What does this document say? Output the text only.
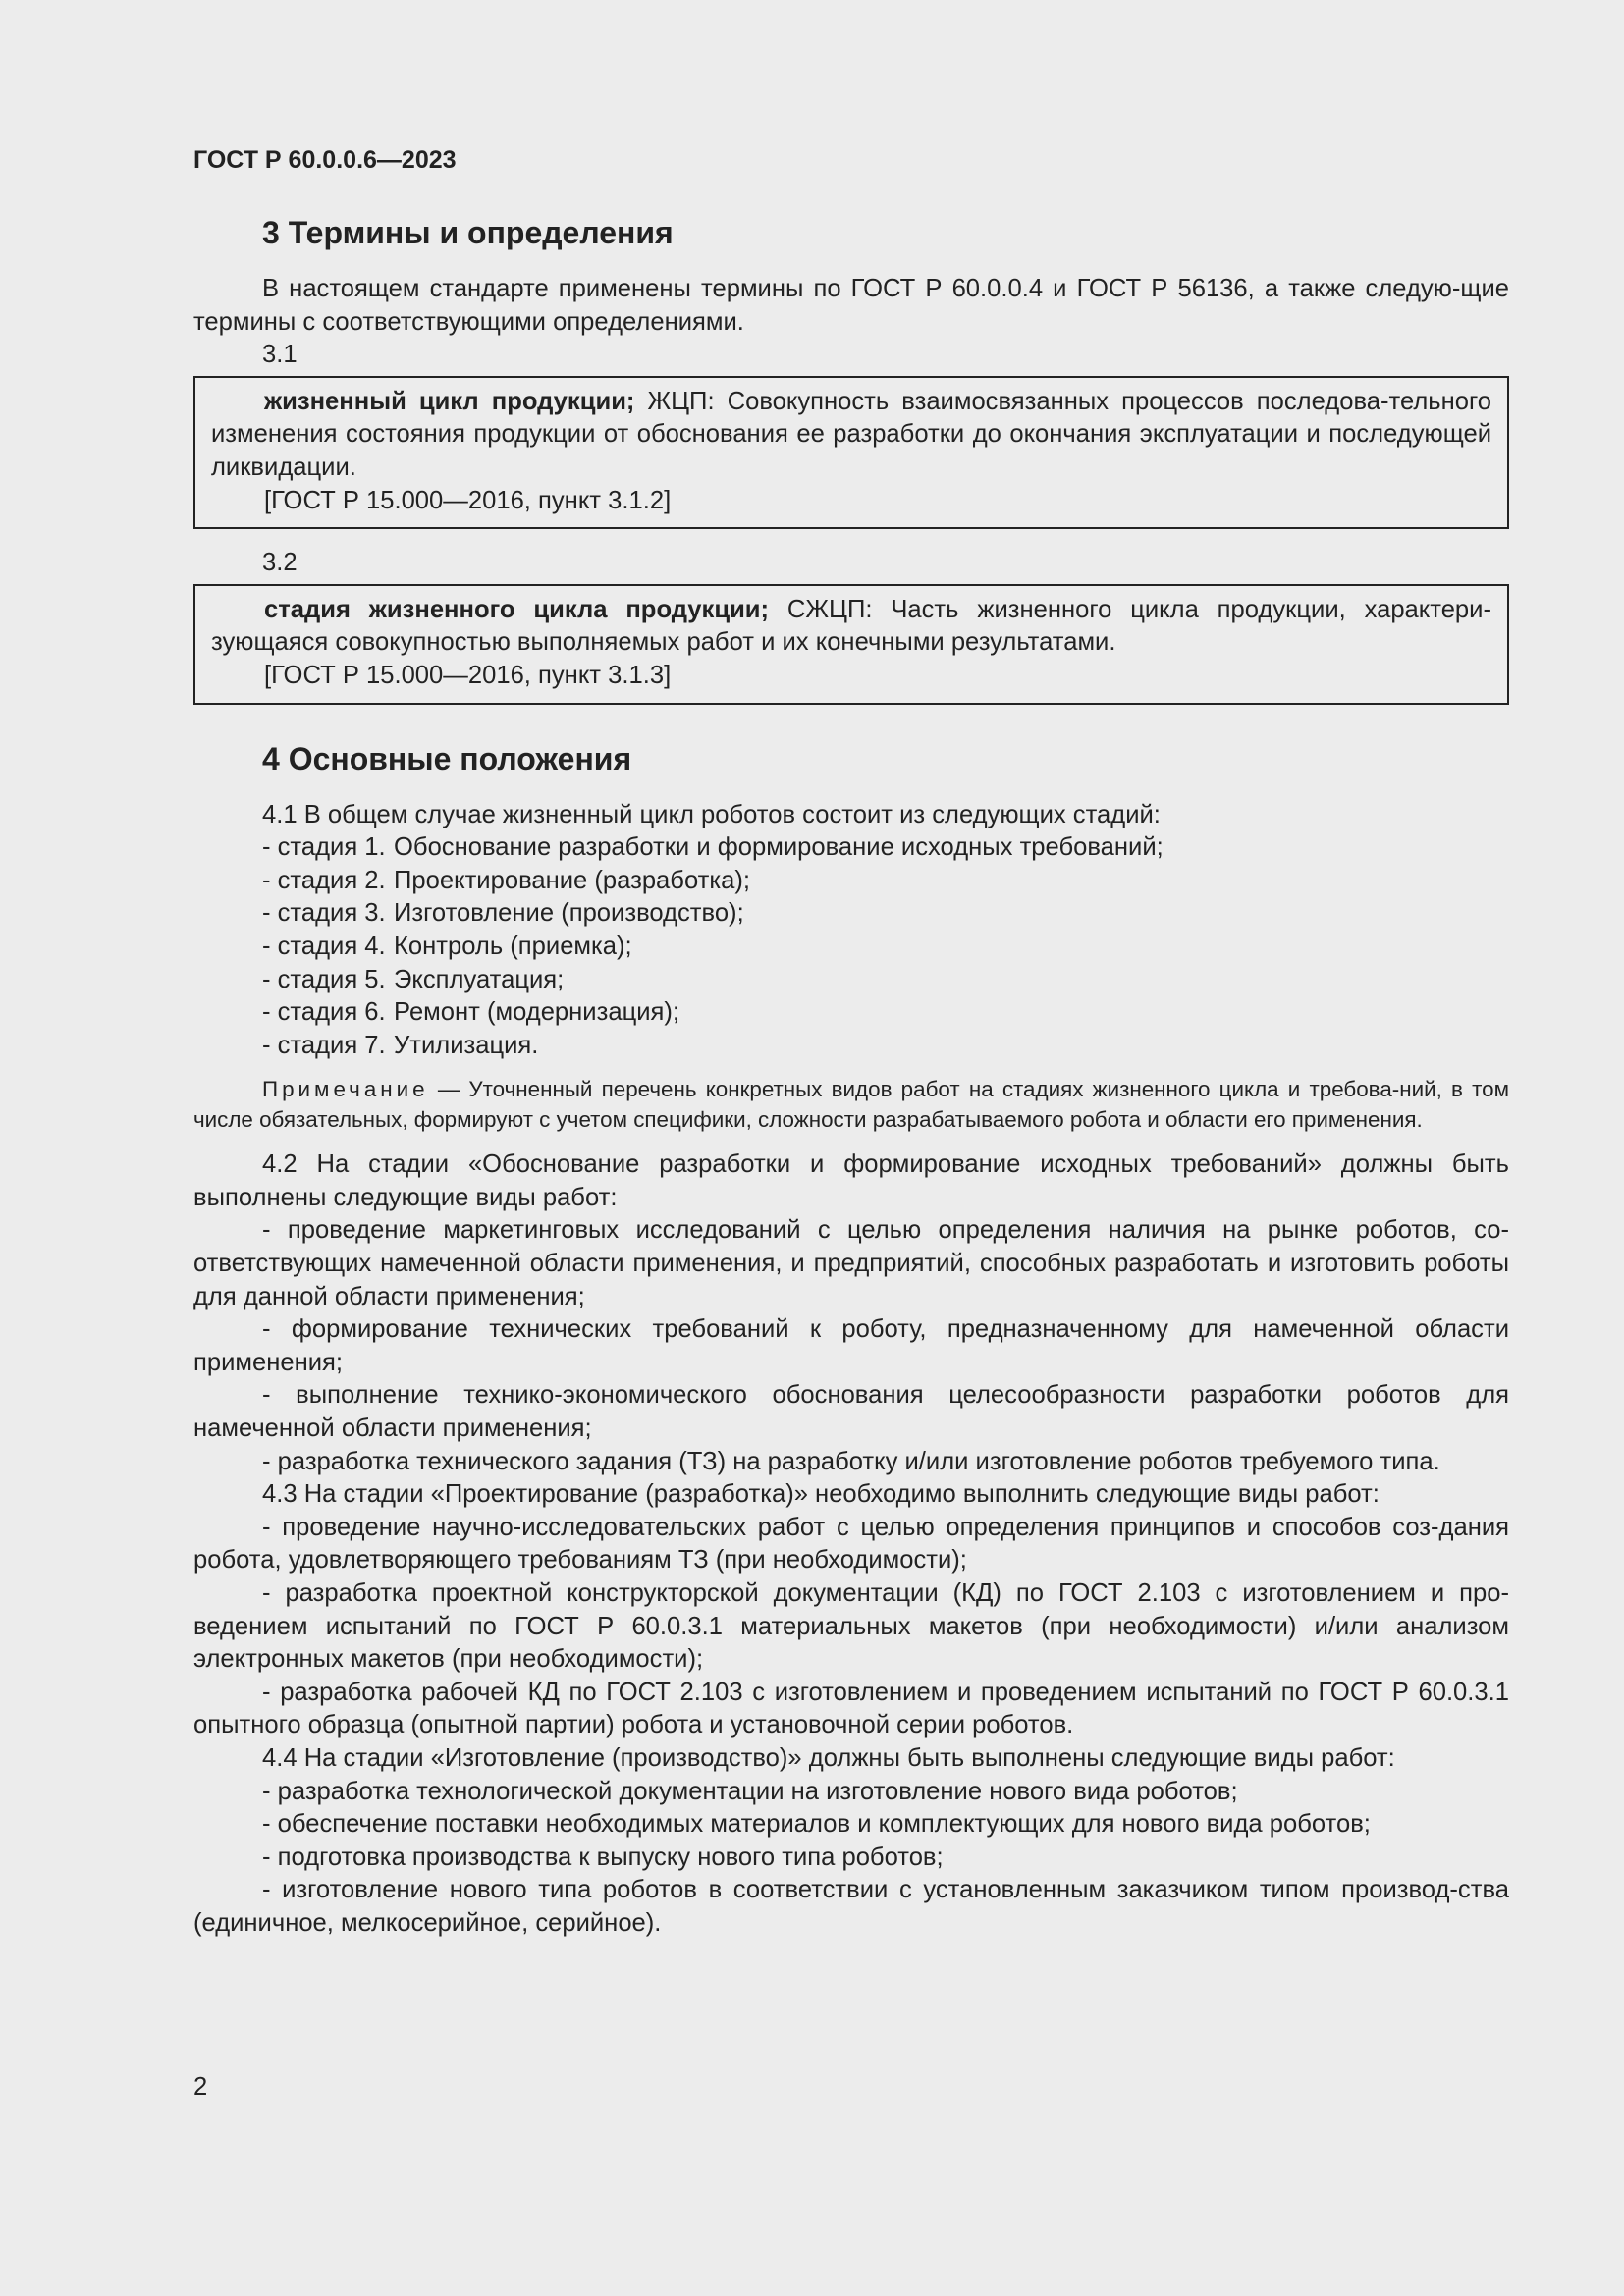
ГОСТ Р 60.0.0.6—2023
3 Термины и определения

В настоящем стандарте применены термины по ГОСТ Р 60.0.0.4 и ГОСТ Р 56136, а также следую-щие термины с соответствующими определениями.

3.1

жизненный цикл продукции; ЖЦП: Совокупность взаимосвязанных процессов последова-тельного изменения состояния продукции от обоснования ее разработки до окончания эксплуатации и последующей ликвидации.

[ГОСТ Р 15.000—2016, пункт 3.1.2]
3.2

стадия жизненного цикла продукции; СЖЦП: Часть жизненного цикла продукции, характери-зующаяся совокупностью выполняемых работ и их конечными результатами.

[ГОСТ Р 15.000—2016, пункт 3.1.3]
4 Основные положения
4.1 В общем случае жизненный цикл роботов состоит из следующих стадий:
- стадия 1. Обоснование разработки и формирование исходных требований;
- стадия 2. Проектирование (разработка);
- стадия 3. Изготовление (производство);
- стадия 4. Контроль (приемка);
- стадия 5. Эксплуатация;
- стадия 6. Ремонт (модернизация);
- стадия 7. Утилизация.

Примечание — Уточненный перечень конкретных видов работ на стадиях жизненного цикла и требова-ний, в том числе обязательных, формируют с учетом специфики, сложности разрабатываемого робота и области его применения.

4.2 На стадии «Обоснование разработки и формирование исходных требований» должны быть выполнены следующие виды работ:

- проведение маркетинговых исследований с целью определения наличия на рынке роботов, со-ответствующих намеченной области применения, и предприятий, способных разработать и изготовить роботы для данной области применения;

- формирование технических требований к роботу, предназначенному для намеченной области применения;

- выполнение технико-экономического обоснования целесообразности разработки роботов для намеченной области применения;

- разработка технического задания (ТЗ) на разработку и/или изготовление роботов требуемого типа.

4.3 На стадии «Проектирование (разработка)» необходимо выполнить следующие виды работ:

- проведение научно-исследовательских работ с целью определения принципов и способов соз-дания робота, удовлетворяющего требованиям ТЗ (при необходимости);

- разработка проектной конструкторской документации (КД) по ГОСТ 2.103 с изготовлением и про-ведением испытаний по ГОСТ Р 60.0.3.1 материальных макетов (при необходимости) и/или анализом электронных макетов (при необходимости);

- разработка рабочей КД по ГОСТ 2.103 с изготовлением и проведением испытаний по ГОСТ Р 60.0.3.1 опытного образца (опытной партии) робота и установочной серии роботов.

4.4 На стадии «Изготовление (производство)» должны быть выполнены следующие виды работ:

- разработка технологической документации на изготовление нового вида роботов;

- обеспечение поставки необходимых материалов и комплектующих для нового вида роботов;

- подготовка производства к выпуску нового типа роботов;

- изготовление нового типа роботов в соответствии с установленным заказчиком типом производ-ства (единичное, мелкосерийное, серийное).

2
